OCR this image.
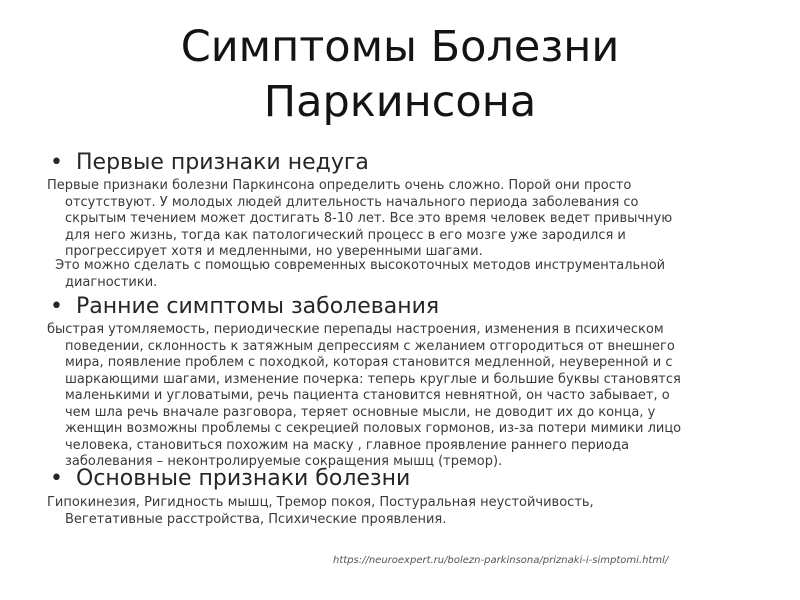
Симптомы Болезни
Паркинсона
• Первые признаки недуга
Первые признаки болезни Паркинсона определить очень сложно. Порой они просто
отсутствуют. У молодых людей длительность начального периода заболевания со
скрытым течением может достигать 8-10 лет. Все это время человек ведет привычную
для него жизнь, тогда как патологический процесс в его мозге уже зародился и
прогрессирует хотя и медленными, но уверенными шагами.
Это можно сделать с помощью современных высокоточных методов инструментальной
диагностики.
• Ранние симптомы заболевания
быстрая утомляемость, периодические перепады настроения, изменения в психическом
поведении, склонность к затяжным депрессиям с желанием отгородиться от внешнего
мира, появление проблем с походкой, которая становится медленной, неуверенной и с
шаркающими шагами, изменение почерка: теперь круглые и большие буквы становятся
маленькими и угловатыми, речь пациента становится невнятной, он часто забывает, о
чем шла речь вначале разговора, теряет основные мысли, не доводит их до конца, у
женщин возможны проблемы с секрецией половых гормонов, из-за потери мимики лицо
человека, становиться похожим на маску , главное проявление раннего периода
заболевания – неконтролируемые сокращения мышц (тремор).
• Основные признаки болезни
Гипокинезия, Ригидность мышц, Тремор покоя, Постуральная неустойчивость,
Вегетативные расстройства, Психические проявления.
https://neuroexpert.ru/bolezn-parkinsona/priznaki-i-simptomi.html/
